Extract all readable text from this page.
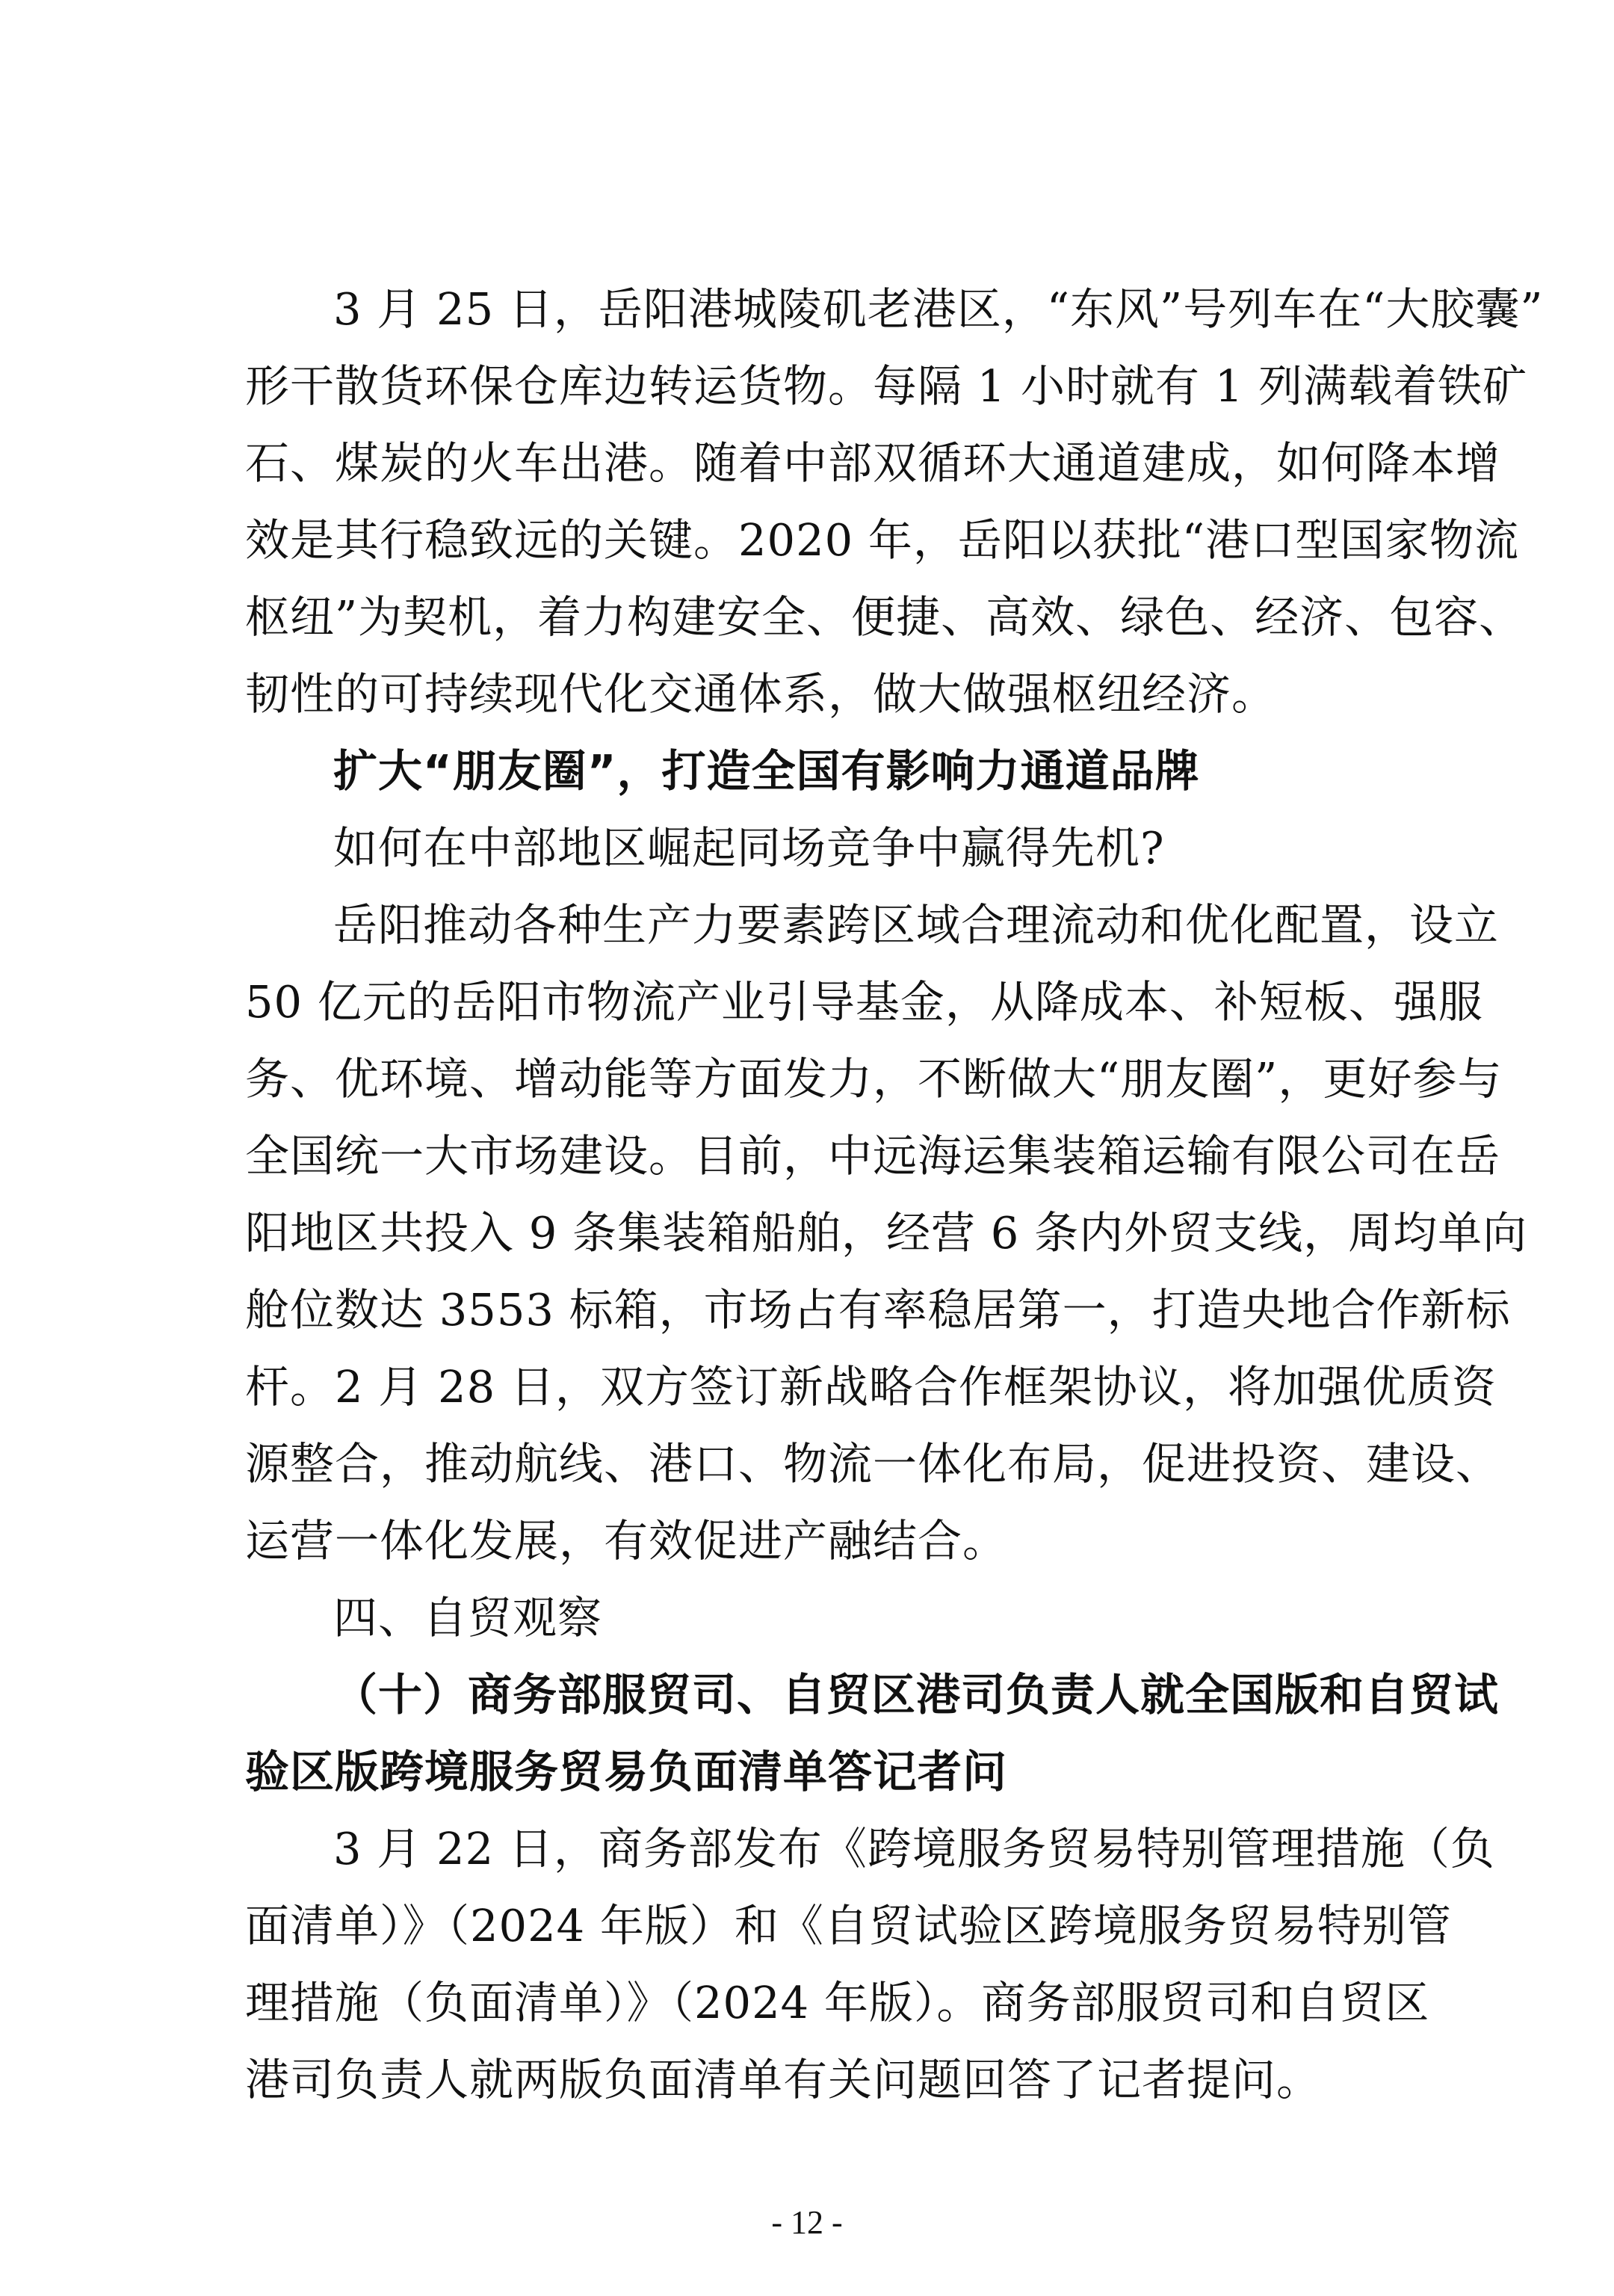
3 月 25 日，岳阳港城陵矶老港区，“东风”号列车在“大胶囊”
形干散货环保仓库边转运货物。每隔 1 小时就有 1 列满载着铁矿
石、煤炭的火车出港。随着中部双循环大通道建成，如何降本增
效是其行稳致远的关键。2020 年，岳阳以获批“港口型国家物流
枢纽”为契机，着力构建安全、便捷、高效、绿色、经济、包容、
韧性的可持续现代化交通体系，做大做强枢纽经济。
扩大“朋友圈”，打造全国有影响力通道品牌
如何在中部地区崛起同场竞争中赢得先机?
岳阳推动各种生产力要素跨区域合理流动和优化配置，设立
50 亿元的岳阳市物流产业引导基金，从降成本、补短板、强服
务、优环境、增动能等方面发力，不断做大“朋友圈”，更好参与
全国统一大市场建设。目前，中远海运集装箱运输有限公司在岳
阳地区共投入 9 条集装箱船舶，经营 6 条内外贸支线，周均单向
舱位数达 3553 标箱，市场占有率稳居第一，打造央地合作新标
杆。2 月 28 日，双方签订新战略合作框架协议，将加强优质资
源整合，推动航线、港口、物流一体化布局，促进投资、建设、
运营一体化发展，有效促进产融结合。
四、自贸观察
（十）商务部服贸司、自贸区港司负责人就全国版和自贸试
验区版跨境服务贸易负面清单答记者问
3 月 22 日，商务部发布《跨境服务贸易特别管理措施（负
面清单）》（2024 年版）和《自贸试验区跨境服务贸易特别管
理措施（负面清单）》（2024 年版）。商务部服贸司和自贸区
港司负责人就两版负面清单有关问题回答了记者提问。
- 12 -
